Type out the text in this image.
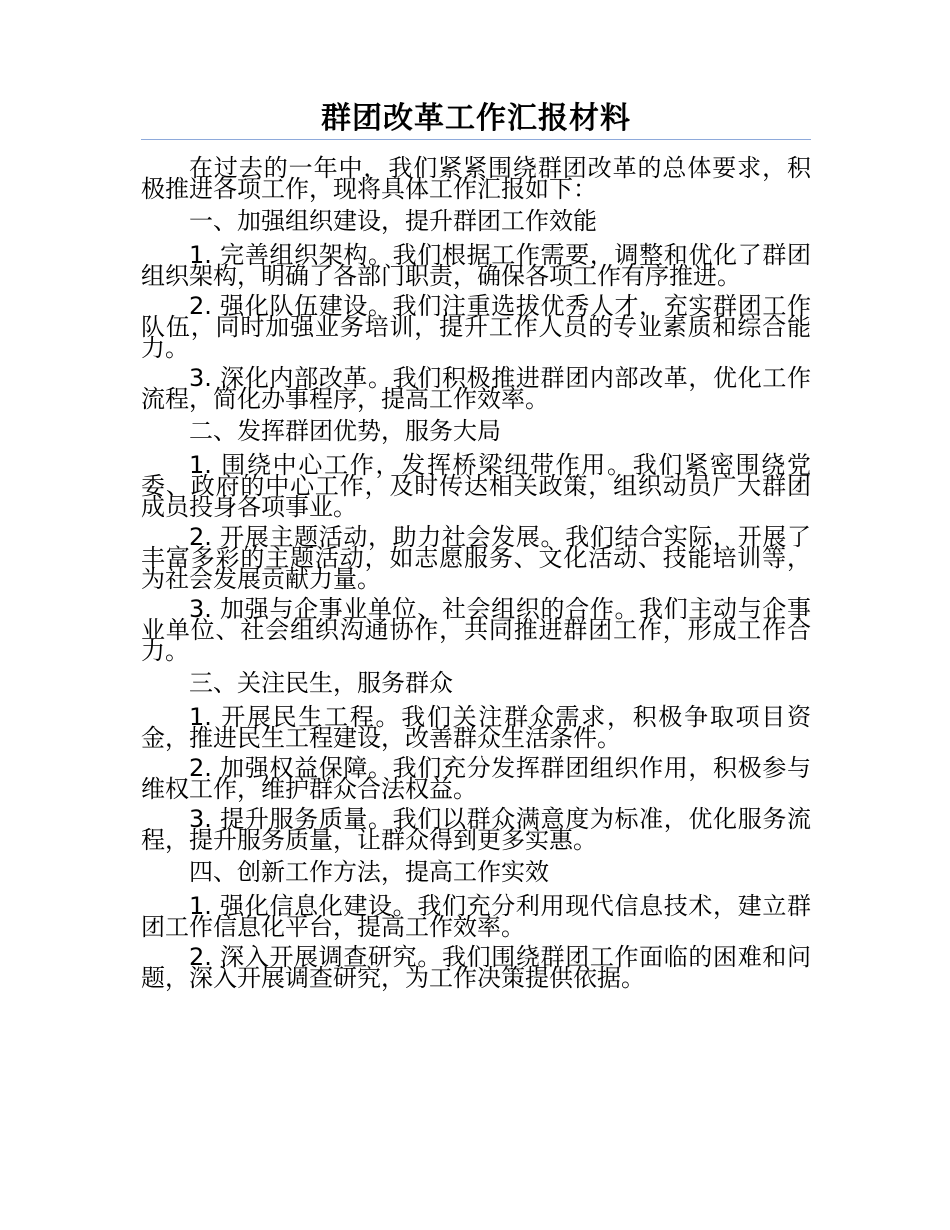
群团改革工作汇报材料

在过去的一年中，我们紧紧围绕群团改革的总体要求，积极推进各项工作，现将具体工作汇报如下：

一、加强组织建设，提升群团工作效能

1. 完善组织架构。我们根据工作需要，调整和优化了群团组织架构，明确了各部门职责，确保各项工作有序推进。

2. 强化队伍建设。我们注重选拔优秀人才，充实群团工作队伍，同时加强业务培训，提升工作人员的专业素质和综合能力。

3. 深化内部改革。我们积极推进群团内部改革，优化工作流程，简化办事程序，提高工作效率。

二、发挥群团优势，服务大局

1. 围绕中心工作，发挥桥梁纽带作用。我们紧密围绕党委、政府的中心工作，及时传达相关政策，组织动员广大群团成员投身各项事业。

2. 开展主题活动，助力社会发展。我们结合实际，开展了丰富多彩的主题活动，如志愿服务、文化活动、技能培训等，为社会发展贡献力量。

3. 加强与企事业单位、社会组织的合作。我们主动与企事业单位、社会组织沟通协作，共同推进群团工作，形成工作合力。

三、关注民生，服务群众

1. 开展民生工程。我们关注群众需求，积极争取项目资金，推进民生工程建设，改善群众生活条件。

2. 加强权益保障。我们充分发挥群团组织作用，积极参与维权工作，维护群众合法权益。

3. 提升服务质量。我们以群众满意度为标准，优化服务流程，提升服务质量，让群众得到更多实惠。

四、创新工作方法，提高工作实效

1. 强化信息化建设。我们充分利用现代信息技术，建立群团工作信息化平台，提高工作效率。

2. 深入开展调查研究。我们围绕群团工作面临的困难和问题，深入开展调查研究，为工作决策提供依据。
